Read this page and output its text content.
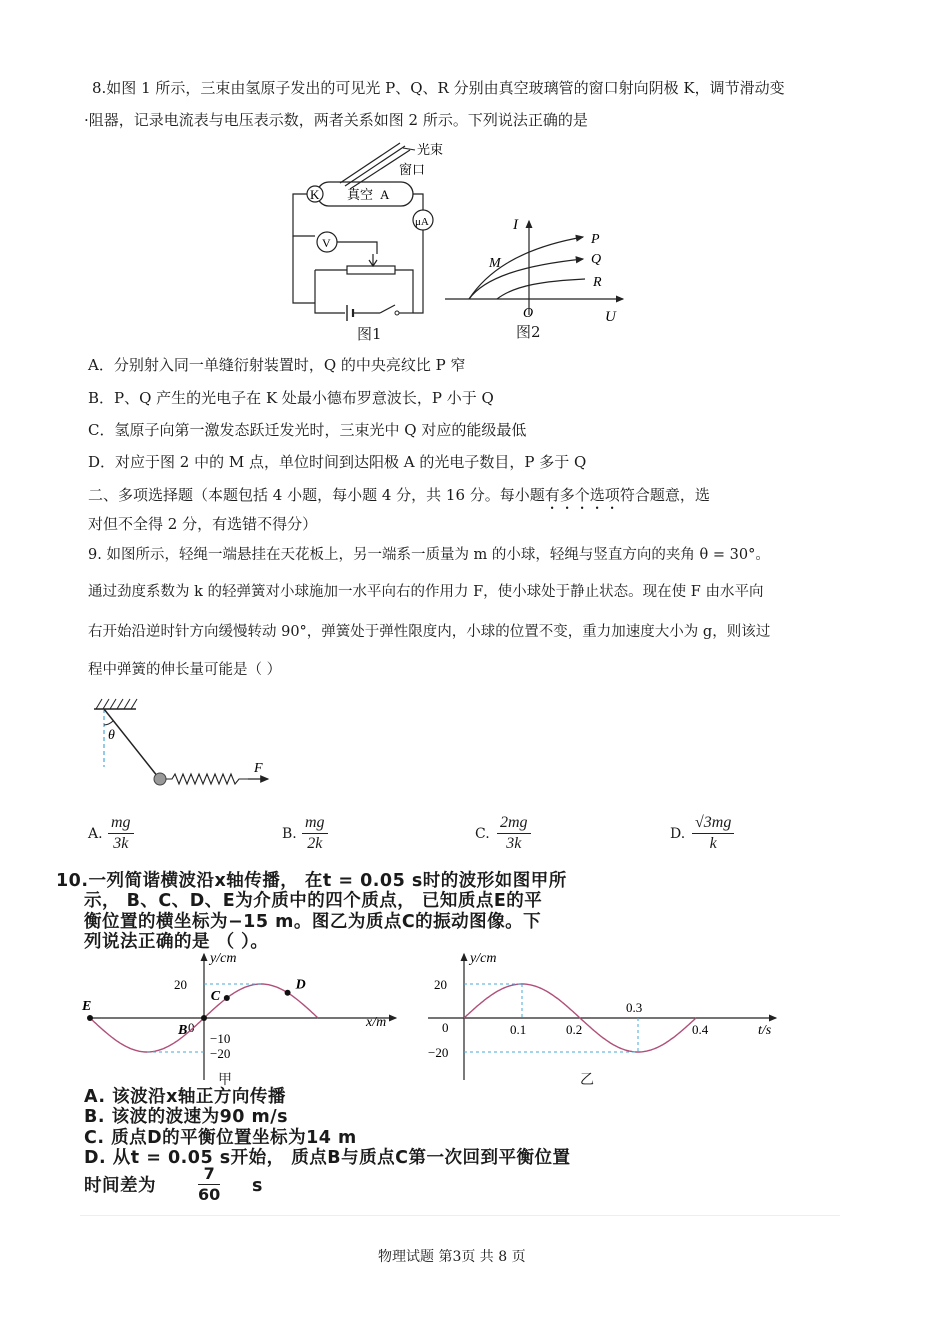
8.如图 1 所示，三束由氢原子发出的可见光 P、Q、R 分别由真空玻璃管的窗口射向阴极 K，调节滑动变
·阻器，记录电流表与电压表示数，两者关系如图 2 所示。下列说法正确的是
光束
窗口
K 真空 A
μA
V
图1
I
U
O
P
Q
R
M
图2
A．分别射入同一单缝衍射装置时，Q 的中央亮纹比 P 窄
B．P、Q 产生的光电子在 K 处最小德布罗意波长，P 小于 Q
C．氢原子向第一激发态跃迁发光时，三束光中 Q 对应的能级最低
D．对应于图 2 中的 M 点，单位时间到达阳极 A 的光电子数目，P 多于 Q
二、多项选择题（本题包括 4 小题，每小题 4 分，共 16 分。每小题有多个选项符合题意，选
对但不全得 2 分，有选错不得分）
9. 如图所示，轻绳一端悬挂在天花板上，另一端系一质量为 m 的小球，轻绳与竖直方向的夹角 θ = 30°。
通过劲度系数为 k 的轻弹簧对小球施加一水平向右的作用力 F，使小球处于静止状态。现在使 F 由水平向
右开始沿逆时针方向缓慢转动 90°，弹簧处于弹性限度内，小球的位置不变，重力加速度大小为 g，则该过
程中弹簧的伸长量可能是（ ）
θ
F
A. $\frac{mg}{3k}$	B. $\frac{mg}{2k}$	C. $\frac{2mg}{3k}$	D. $\frac{√3mg}{k}$
10.一列简谐横波沿x轴传播， 在t = 0.05 s时的波形如图甲所
示， B、C、D、E为介质中的四个质点， 已知质点E的平
衡位置的横坐标为−15 m。图乙为质点C的振动图像。下
列说法正确的是 （ ）。
y/cm
x/m
0
20
−10
−20
E
B
C
D
甲
y/cm
t/s
0
20
−20
0.1	0.2
0.3
0.4
乙
A. 该波沿x轴正方向传播
B. 该波的波速为90 m/s
C. 质点D的平衡位置坐标为14 m
D. 从t = 0.05 s开始， 质点B与质点C第一次回到平衡位置
时间差为	$\frac{7}{60}$ s
物理试题 第3页 共 8 页
